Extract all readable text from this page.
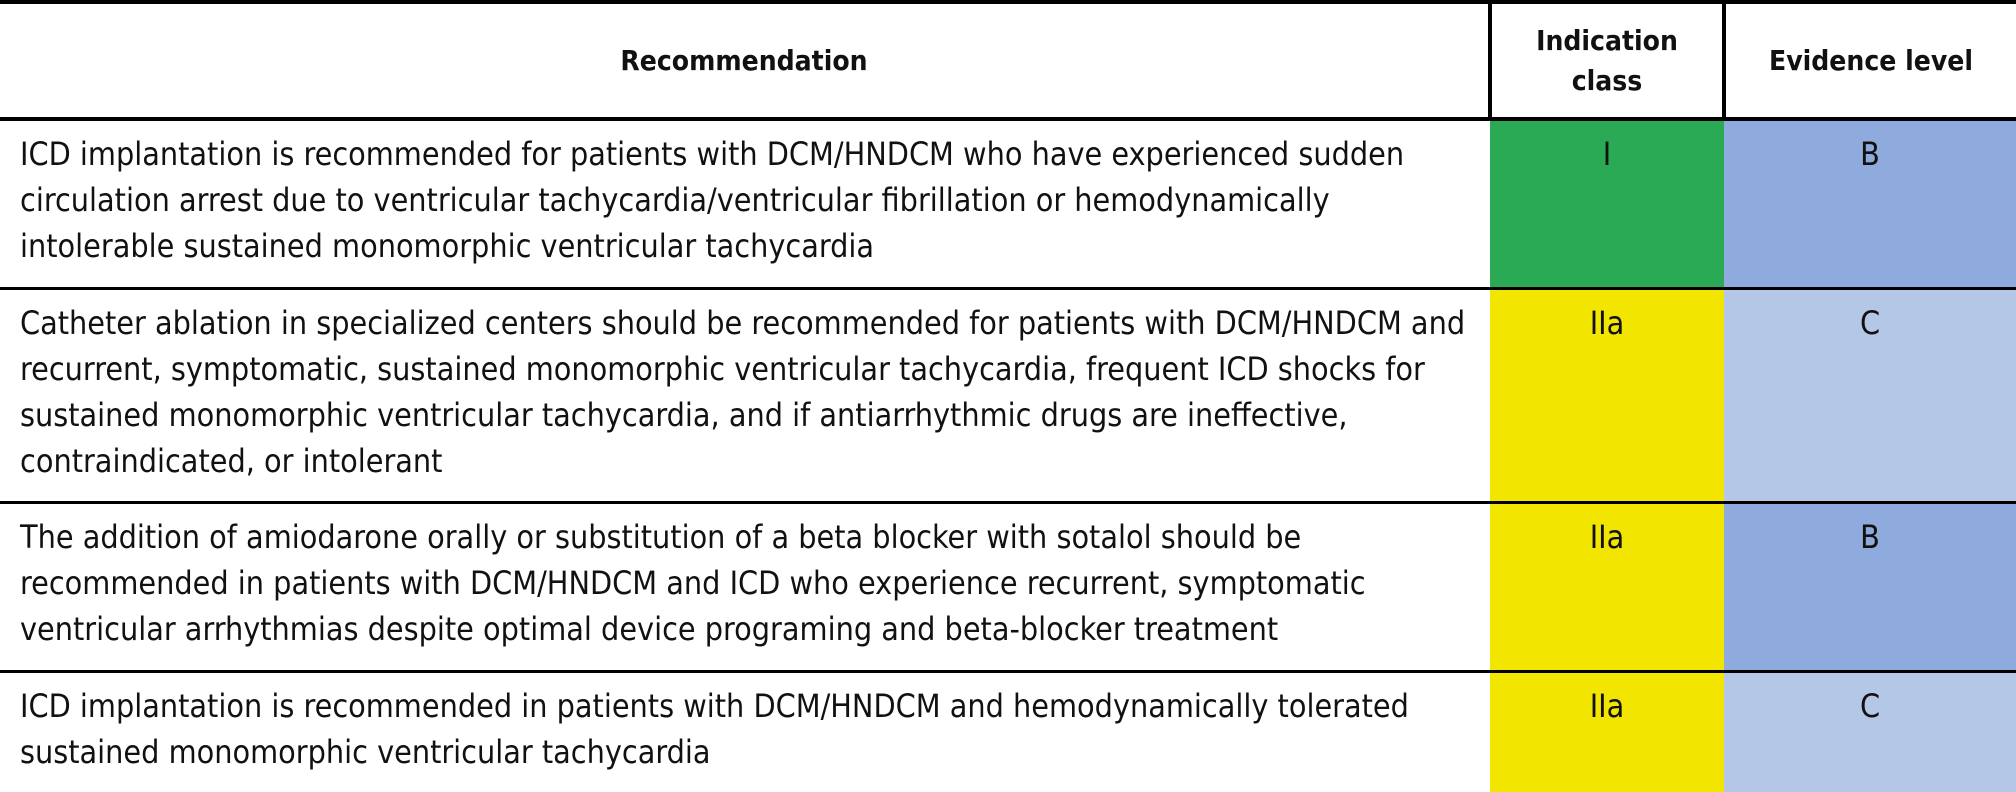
Recommendation	Indication class	Evidence level
ICD implantation is recommended for patients with DCM/HNDCM who have experienced sudden circulation arrest due to ventricular tachycardia/ventricular fibrillation or hemodynamically intolerable sustained monomorphic ventricular tachycardia	I	B
Catheter ablation in specialized centers should be recommended for patients with DCM/HNDCM and recurrent, symptomatic, sustained monomorphic ventricular tachycardia, frequent ICD shocks for sustained monomorphic ventricular tachycardia, and if antiarrhythmic drugs are ineffective, contraindicated, or intolerant	IIa	C
The addition of amiodarone orally or substitution of a beta blocker with sotalol should be recommended in patients with DCM/HNDCM and ICD who experience recurrent, symptomatic ventricular arrhythmias despite optimal device programing and beta-blocker treatment	IIa	B
ICD implantation is recommended in patients with DCM/HNDCM and hemodynamically tolerated sustained monomorphic ventricular tachycardia	IIa	C
